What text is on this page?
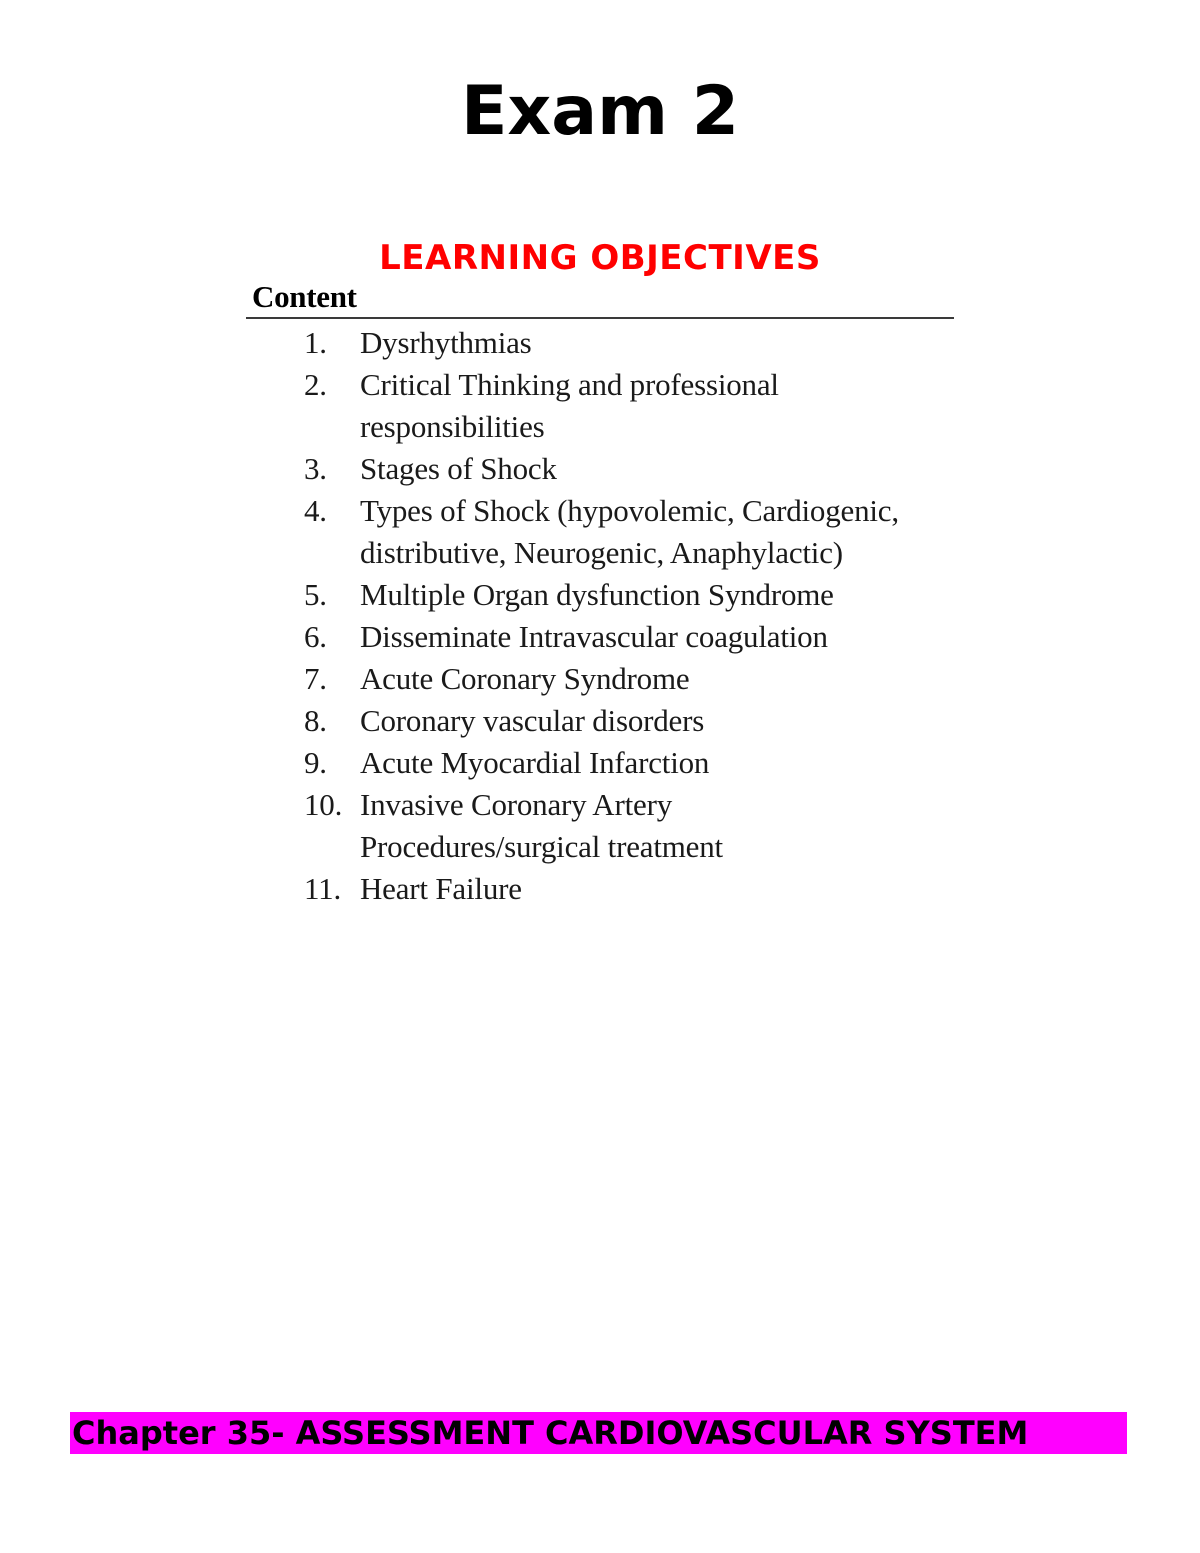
Exam 2
LEARNING OBJECTIVES
Content
1.	Dysrhythmias
2.	Critical Thinking and professional responsibilities
3.	Stages of Shock
4.	Types of Shock (hypovolemic, Cardiogenic, distributive, Neurogenic, Anaphylactic)
5.	Multiple Organ dysfunction Syndrome
6.	Disseminate Intravascular coagulation
7.	Acute Coronary Syndrome
8.	Coronary vascular disorders
9.	Acute Myocardial Infarction
10. Invasive Coronary Artery Procedures/surgical treatment
11. Heart Failure
Chapter 35- ASSESSMENT CARDIOVASCULAR SYSTEM
